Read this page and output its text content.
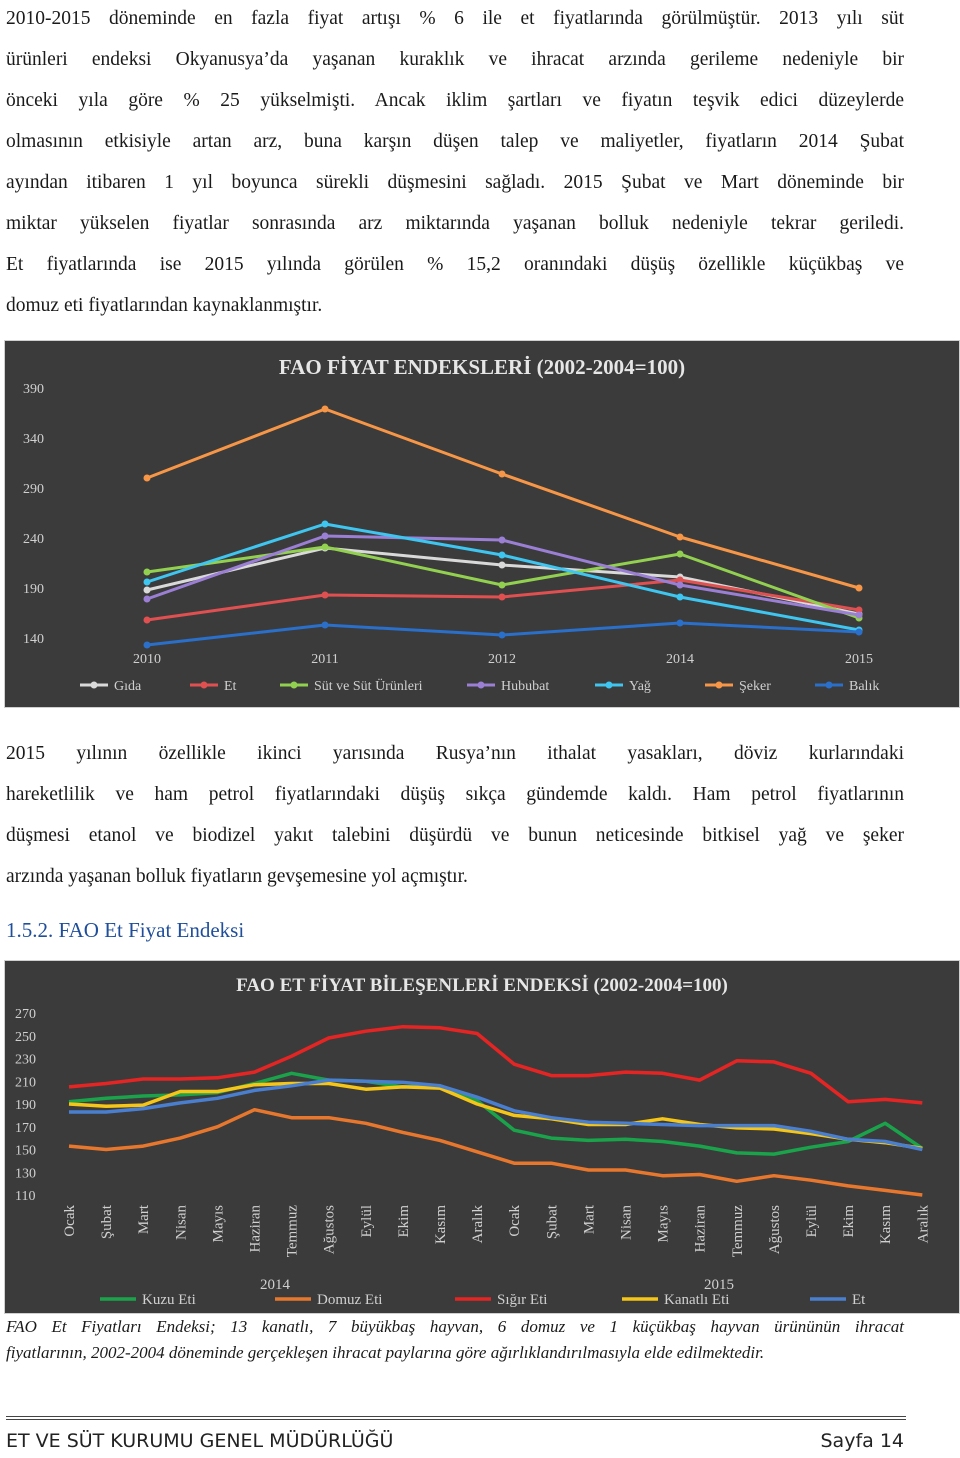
2010-2015 döneminde en fazla fiyat artışı % 6 ile et fiyatlarında görülmüştür. 2013 yılı süt
ürünleri endeksi Okyanusya’da yaşanan kuraklık ve ihracat arzında gerileme nedeniyle bir
önceki yıla göre % 25 yükselmişti. Ancak iklim şartları ve fiyatın teşvik edici düzeylerde
olmasının etkisiyle artan arz, buna karşın düşen talep ve maliyetler, fiyatların 2014 Şubat
ayından itibaren 1 yıl boyunca sürekli düşmesini sağladı. 2015 Şubat ve Mart döneminde bir
miktar yükselen fiyatlar sonrasında arz miktarında yaşanan bolluk nedeniyle tekrar geriledi.
Et fiyatlarında ise 2015 yılında görülen % 15,2 oranındaki düşüş özellikle küçükbaş ve
domuz eti fiyatlarından kaynaklanmıştır.
FAO FİYAT ENDEKSLERİ (2002-2004=100)
390
340
290
240
190
140
2010	2011	2012	2014	2015
Gıda	Et	Süt ve Süt Ürünleri	Hububat	Yağ	Şeker	Balık
2015 yılının özellikle ikinci yarısında Rusya’nın ithalat yasakları, döviz kurlarındaki
hareketlilik ve ham petrol fiyatlarındaki düşüş sıkça gündemde kaldı. Ham petrol fiyatlarının
düşmesi etanol ve biodizel yakıt talebini düşürdü ve bunun neticesinde bitkisel yağ ve şeker
arzında yaşanan bolluk fiyatların gevşemesine yol açmıştır.
1.5.2. FAO Et Fiyat Endeksi
FAO ET FİYAT BİLEŞENLERİ ENDEKSİ (2002-2004=100)
270
250
230
210
190
170
150
130
110
Ocak Şubat Mart Nisan Mayıs Haziran Temmuz Ağustos Eylül Ekim Kasım Aralık Ocak Şubat Mart Nisan Mayıs Haziran Temmuz Ağustos Eylül Ekim Kasım Aralık
2014	2015
Kuzu Eti	Domuz Eti	Sığır Eti	Kanatlı Eti	Et
FAO Et Fiyatları Endeksi; 13 kanatlı, 7 büyükbaş hayvan, 6 domuz ve 1 küçükbaş hayvan ürününün ihracat
fiyatlarının, 2002-2004 döneminde gerçekleşen ihracat paylarına göre ağırlıklandırılmasıyla elde edilmektedir.
ET VE SÜT KURUMU GENEL MÜDÜRLÜĞÜ	Sayfa 14
